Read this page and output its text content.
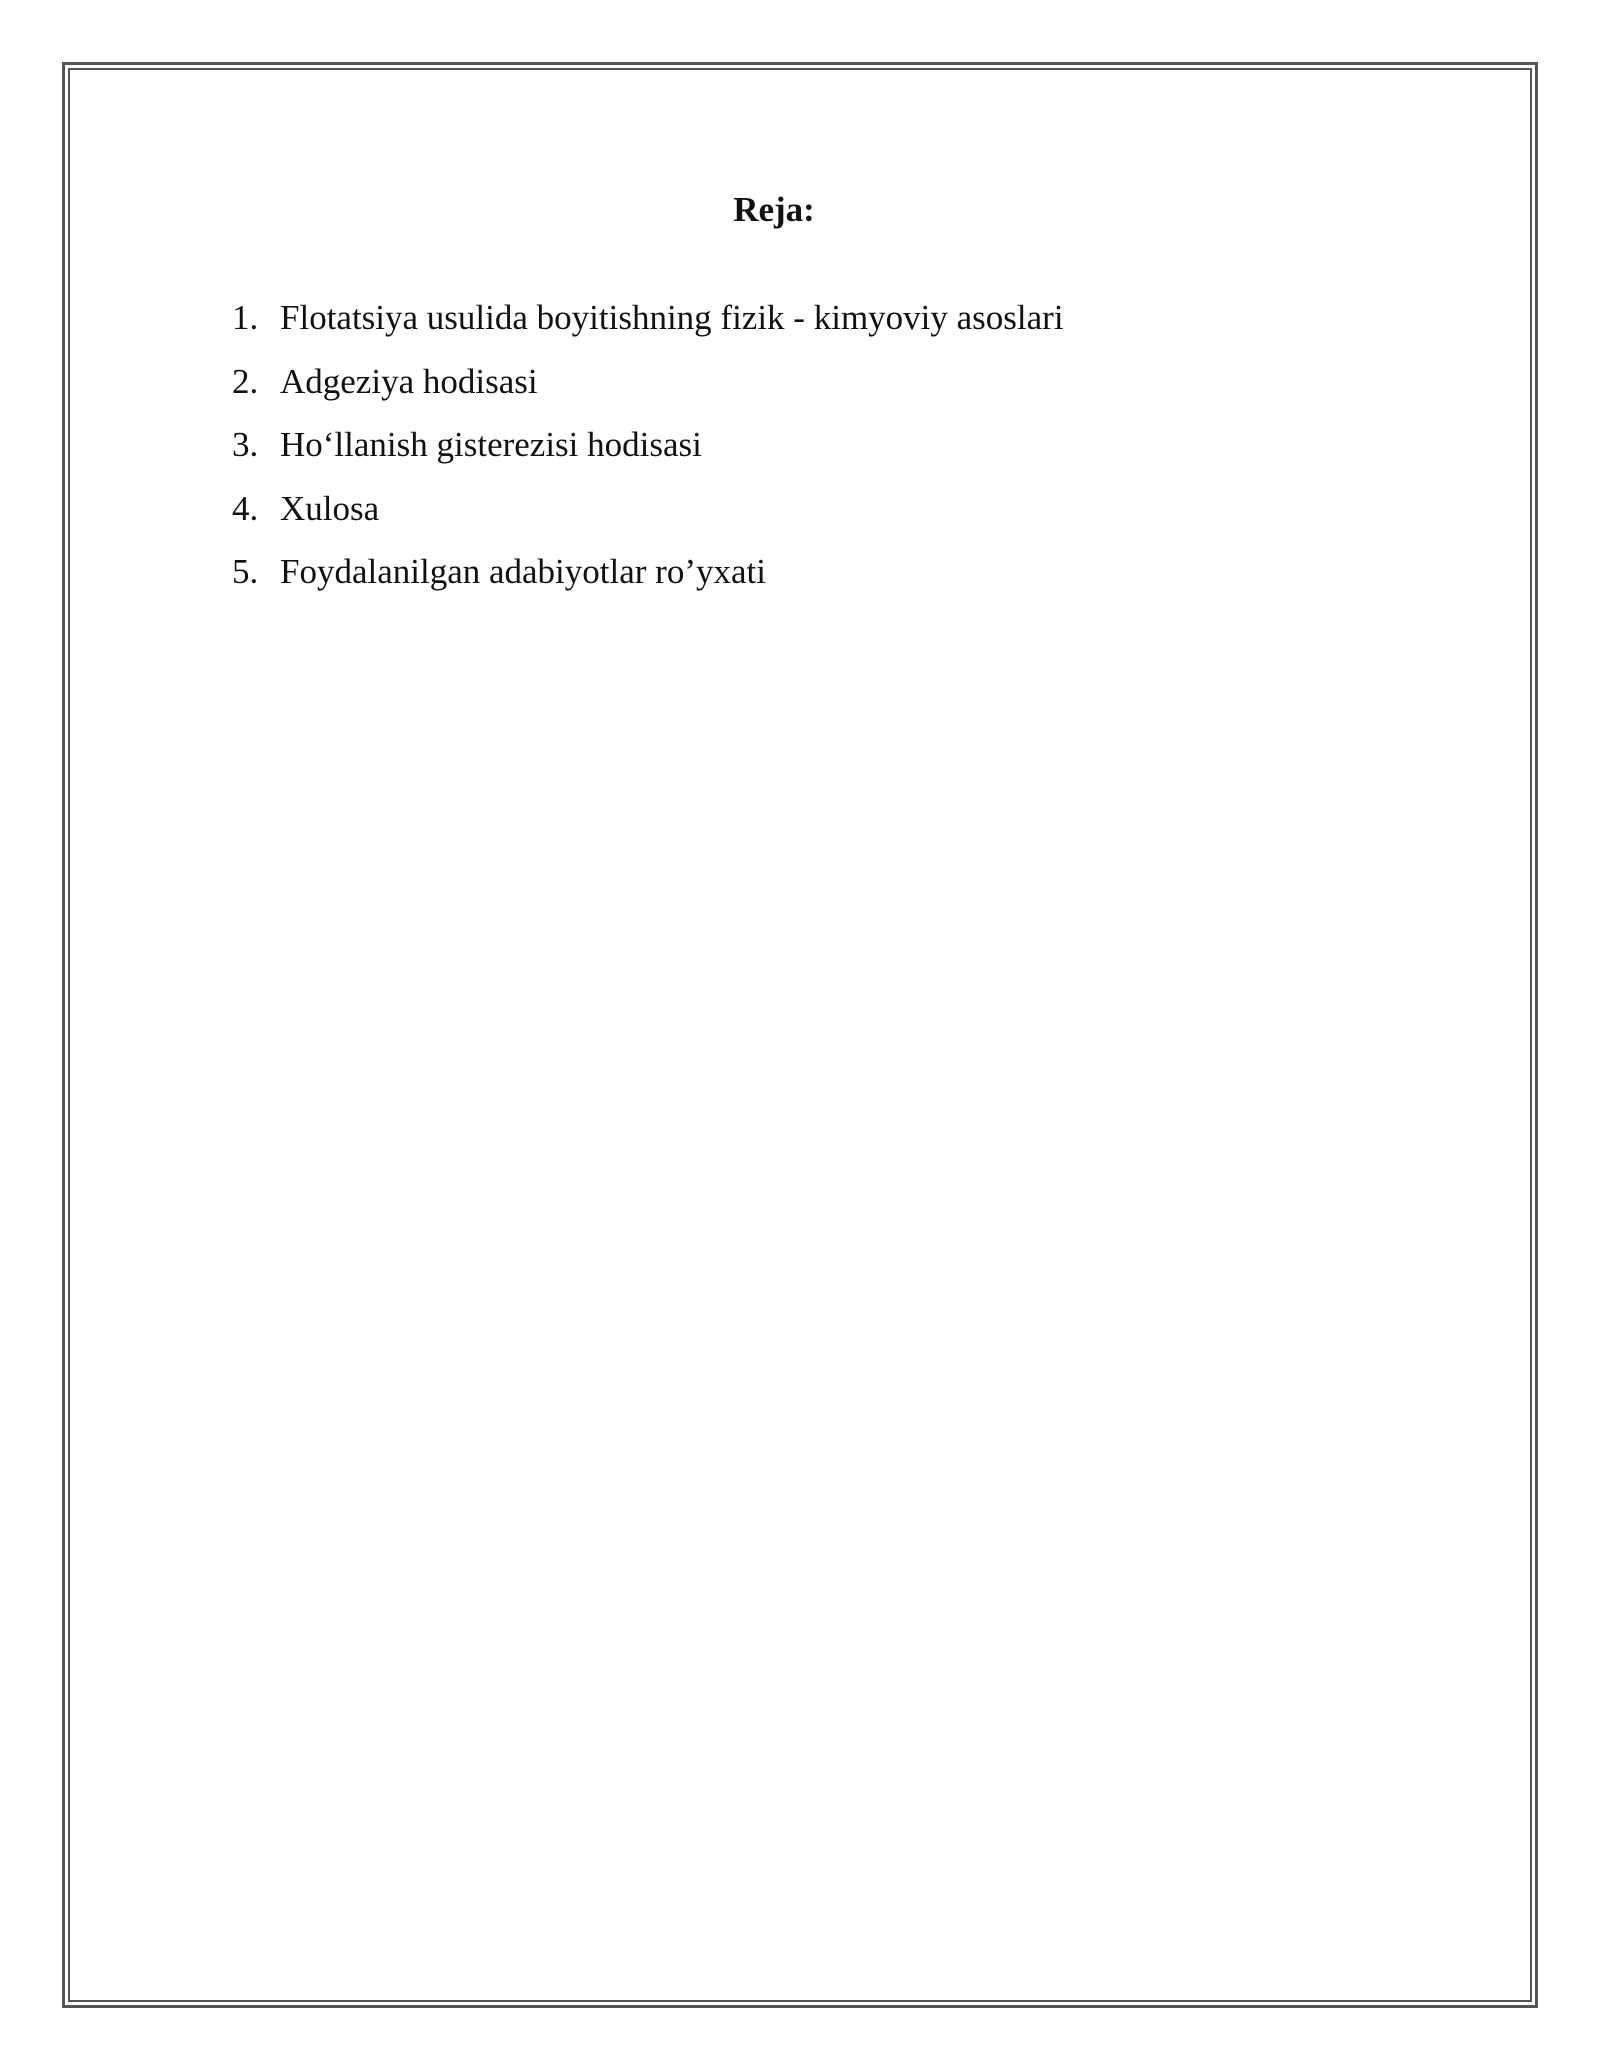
Reja:
1. Flotatsiya usulida boyitishning fizik - kimyoviy asoslari
2. Adgeziya hodisasi
3. Ho‘llanish gisterezisi hodisasi
4. Xulosa
5. Foydalanilgan adabiyotlar ro’yxati
